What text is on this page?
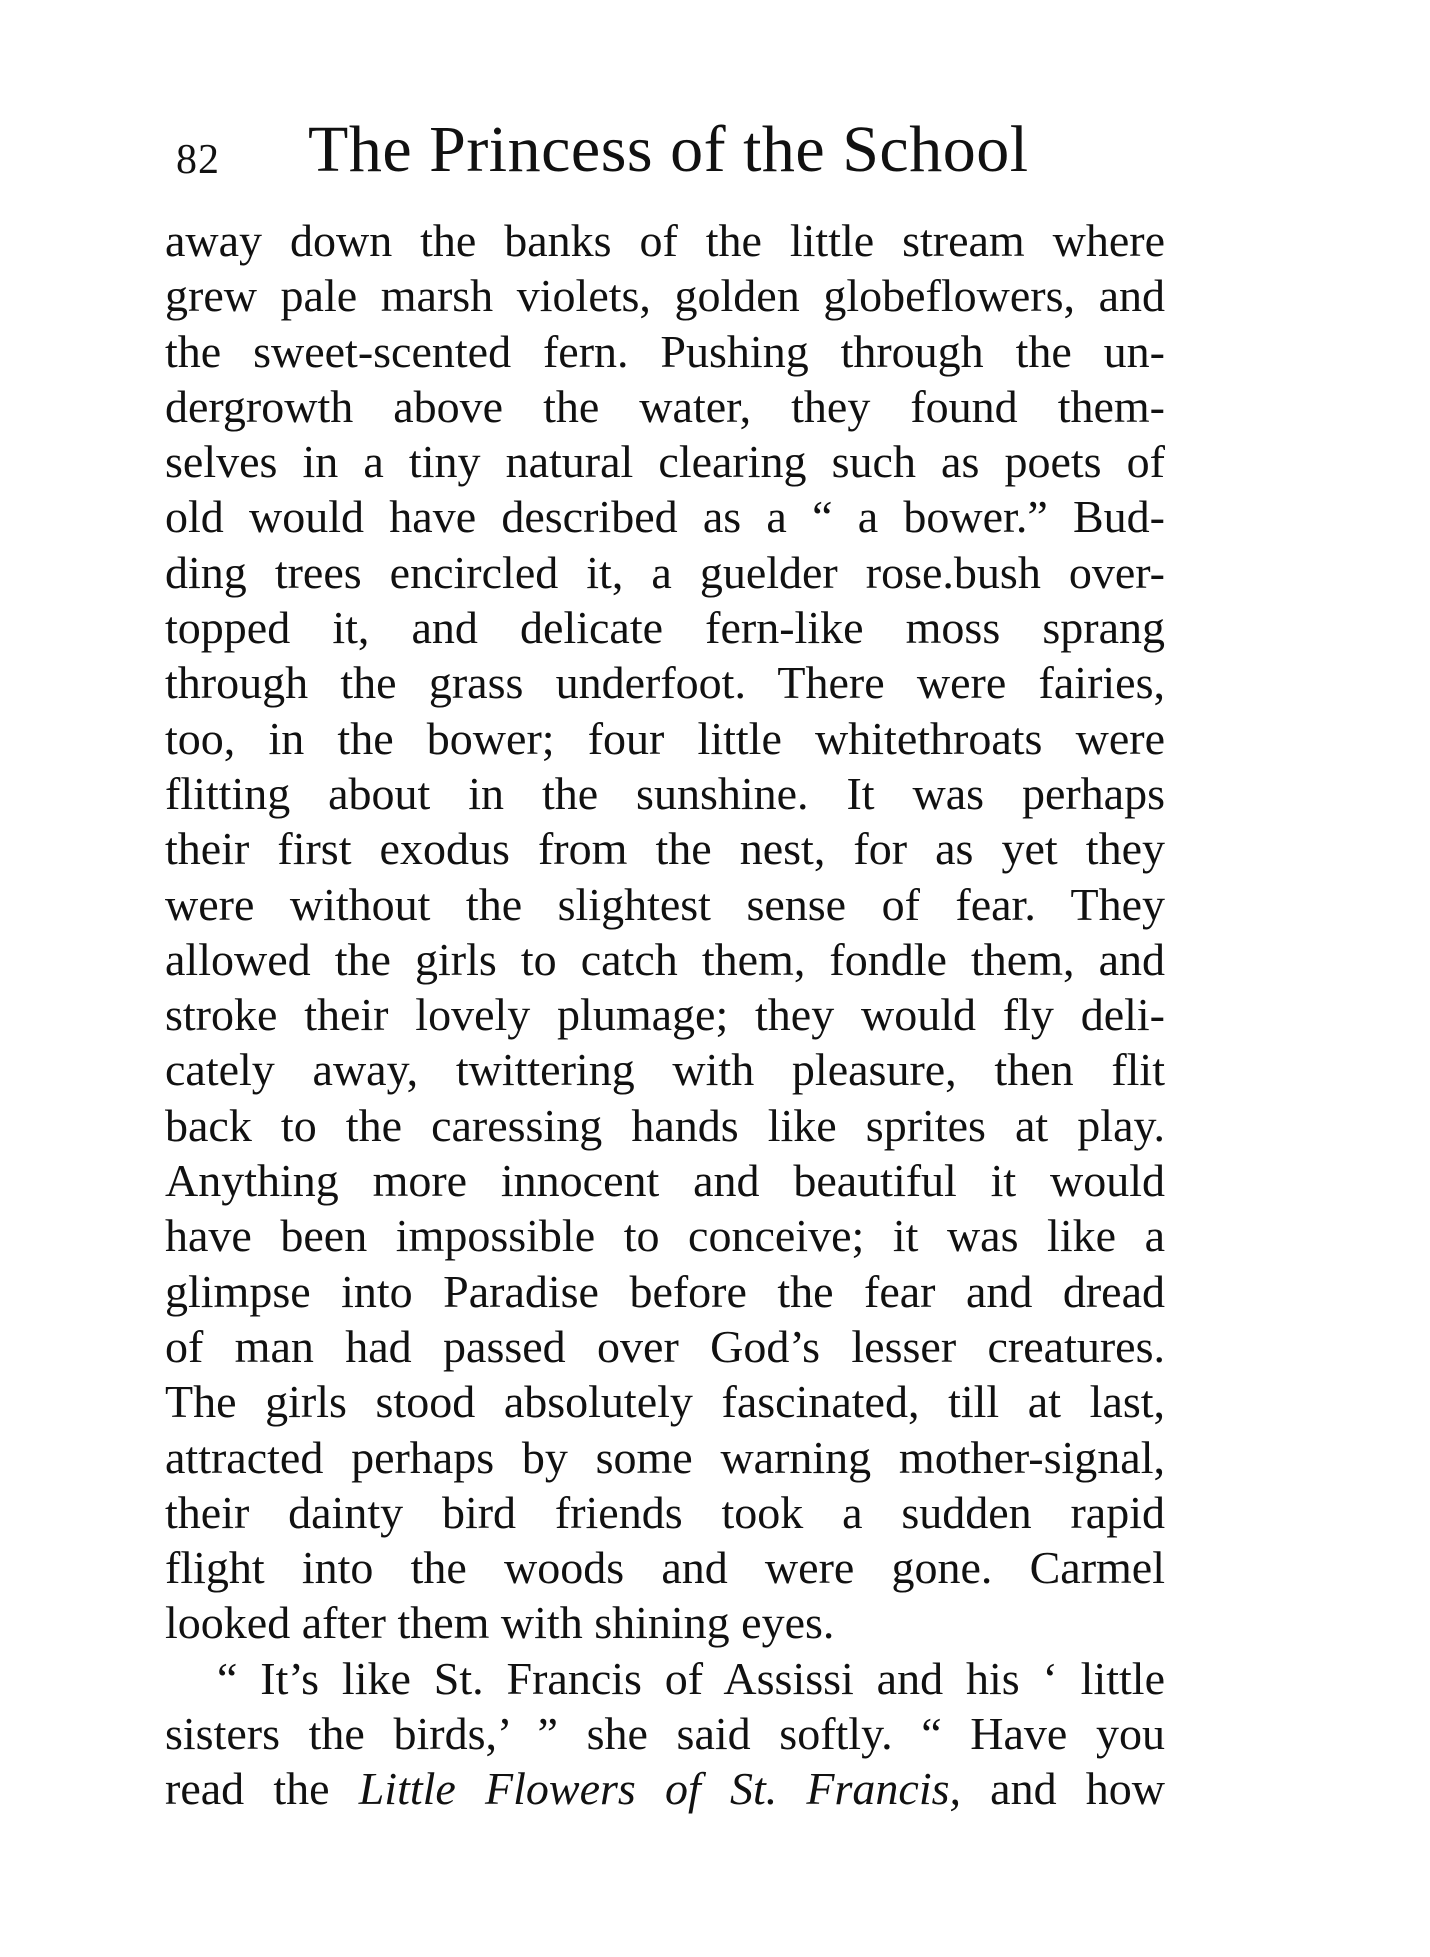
82 The Princess of the School
away down the banks of the little stream where
grew pale marsh violets, golden globeflowers, and
the sweet-scented fern. Pushing through the un-
dergrowth above the water, they found them-
selves in a tiny natural clearing such as poets of
old would have described as a “ a bower.” Bud-
ding trees encircled it, a guelder rose.bush over-
topped it, and delicate fern-like moss sprang
through the grass underfoot. There were fairies,
too, in the bower; four little whitethroats were
flitting about in the sunshine. It was perhaps
their first exodus from the nest, for as yet they
were without the slightest sense of fear. They
allowed the girls to catch them, fondle them, and
stroke their lovely plumage; they would fly deli-
cately away, twittering with pleasure, then flit
back to the caressing hands like sprites at play.
Anything more innocent and beautiful it would
have been impossible to conceive; it was like a
glimpse into Paradise before the fear and dread
of man had passed over God’s lesser creatures.
The girls stood absolutely fascinated, till at last,
attracted perhaps by some warning mother-signal,
their dainty bird friends took a sudden rapid
flight into the woods and were gone. Carmel
looked after them with shining eyes.
“ It’s like St. Francis of Assissi and his ‘ little
sisters the birds,’ ” she said softly. “ Have you
read the Little Flowers of St. Francis, and how
